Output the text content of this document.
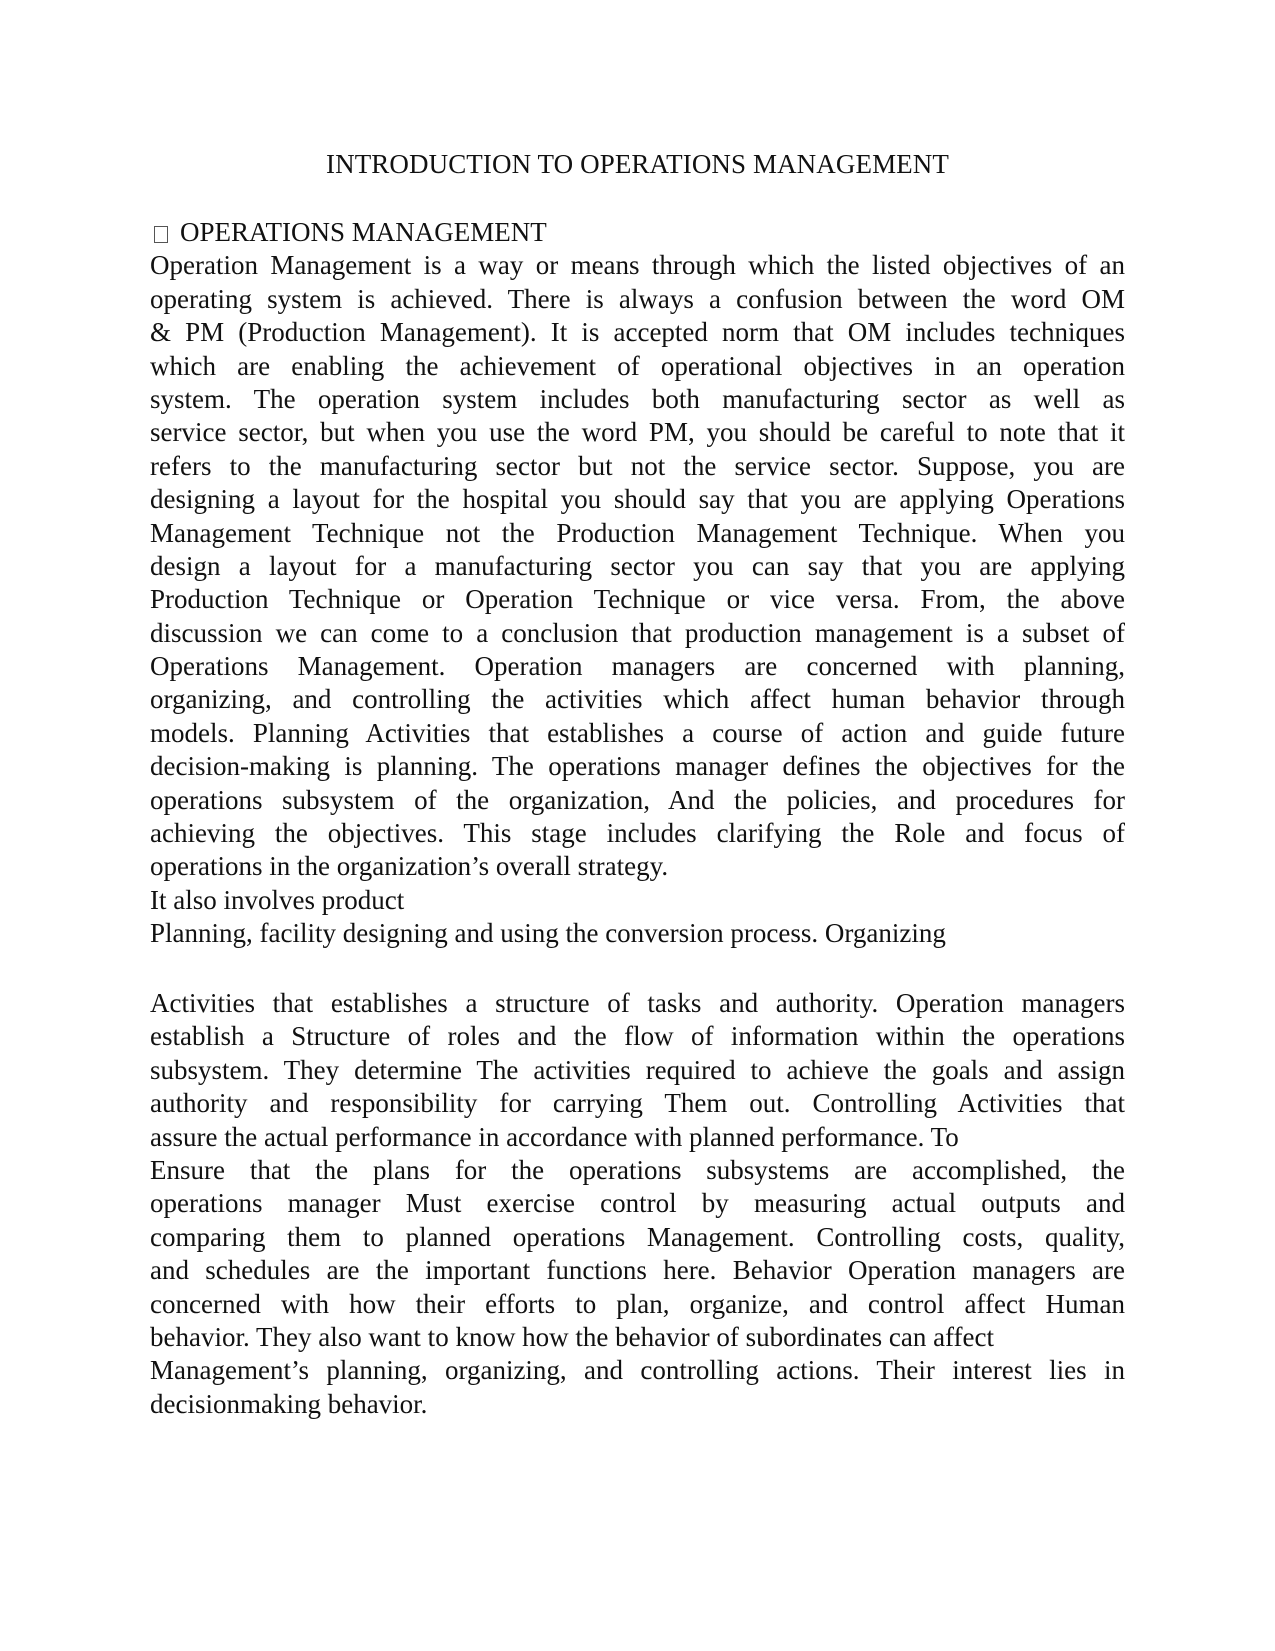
INTRODUCTION TO OPERATIONS MANAGEMENT
OPERATIONS MANAGEMENT
Operation Management is a way or means through which the listed objectives of an
operating system is achieved. There is always a confusion between the word OM
& PM (Production Management). It is accepted norm that OM includes techniques
which are enabling the achievement of operational objectives in an operation
system. The operation system includes both manufacturing sector as well as
service sector, but when you use the word PM, you should be careful to note that it
refers to the manufacturing sector but not the service sector. Suppose, you are
designing a layout for the hospital you should say that you are applying Operations
Management Technique not the Production Management Technique. When you
design a layout for a manufacturing sector you can say that you are applying
Production Technique or Operation Technique or vice versa. From, the above
discussion we can come to a conclusion that production management is a subset of
Operations Management. Operation managers are concerned with planning,
organizing, and controlling the activities which affect human behavior through
models. Planning Activities that establishes a course of action and guide future
decision-making is planning. The operations manager defines the objectives for the
operations subsystem of the organization, And the policies, and procedures for
achieving the objectives. This stage includes clarifying the Role and focus of
operations in the organization’s overall strategy.
It also involves product
Planning, facility designing and using the conversion process. Organizing
Activities that establishes a structure of tasks and authority. Operation managers
establish a Structure of roles and the flow of information within the operations
subsystem. They determine The activities required to achieve the goals and assign
authority and responsibility for carrying Them out. Controlling Activities that
assure the actual performance in accordance with planned performance. To
Ensure that the plans for the operations subsystems are accomplished, the
operations manager Must exercise control by measuring actual outputs and
comparing them to planned operations Management. Controlling costs, quality,
and schedules are the important functions here. Behavior Operation managers are
concerned with how their efforts to plan, organize, and control affect Human
behavior. They also want to know how the behavior of subordinates can affect
Management’s planning, organizing, and controlling actions. Their interest lies in
decisionmaking behavior.
